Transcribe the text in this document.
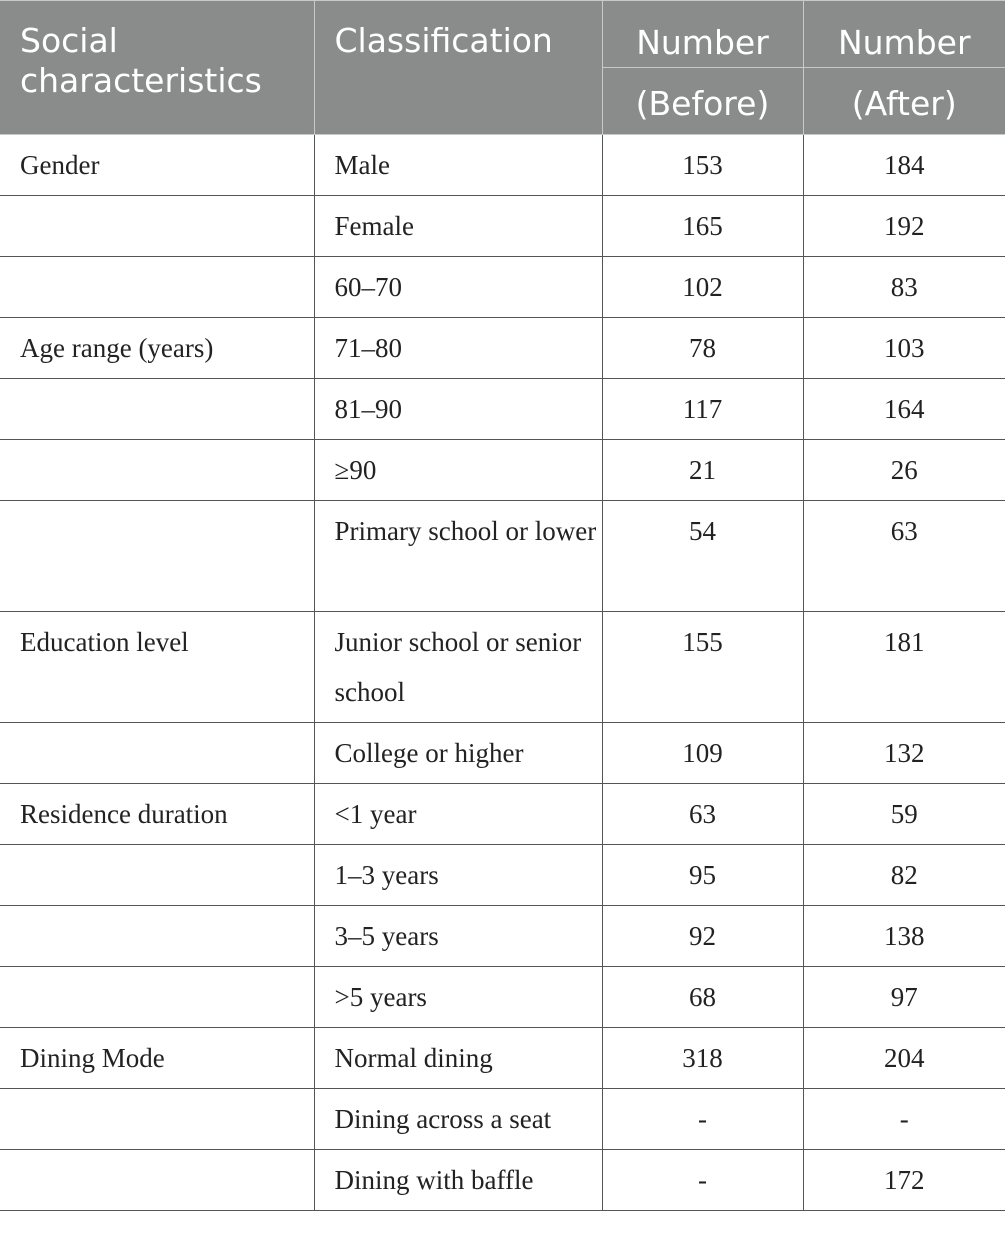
Social characteristics	Classification	Number	Number
		(Before)	(After)

Gender	Male	153	184

	Female	165	192

	60–70	102	83

Age range (years)	71–80	78	103

	81–90	117	164

	≥90	21	26

	Primary school or lower	54	63

Education level	Junior school or senior school	155	181

	College or higher	109	132

Residence duration	<1 year	63	59

	1–3 years	95	82

	3–5 years	92	138

	>5 years	68	97

Dining Mode	Normal dining	318	204

	Dining across a seat	-	-

	Dining with baffle	-	172
